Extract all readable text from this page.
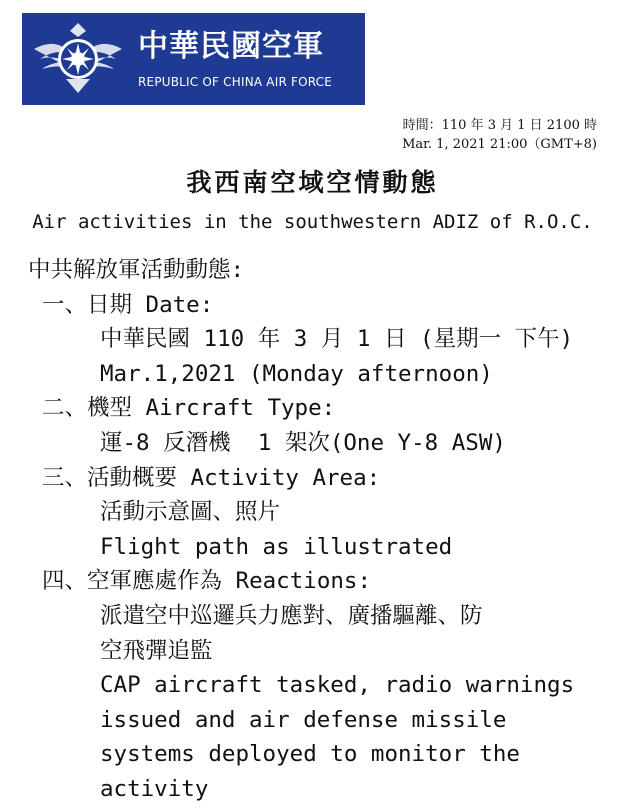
中華民國空軍
REPUBLIC OF CHINA AIR FORCE
時間：110 年 3 月 1 日 2100 時
Mar. 1, 2021 21:00（GMT+8)
我西南空域空情動態
Air activities in the southwestern ADIZ of R.O.C.
中共解放軍活動動態:
一、日期 Date:
中華民國 110 年 3 月 1 日 (星期一 下午)
Mar.1,2021 (Monday afternoon)
二、機型 Aircraft Type:
運-8 反潛機  1 架次(One Y-8 ASW)
三、活動概要 Activity Area:
活動示意圖、照片
Flight path as illustrated
四、空軍應處作為 Reactions:
派遣空中巡邏兵力應對、廣播驅離、防
空飛彈追監
CAP aircraft tasked, radio warnings
issued and air defense missile
systems deployed to monitor the
activity
